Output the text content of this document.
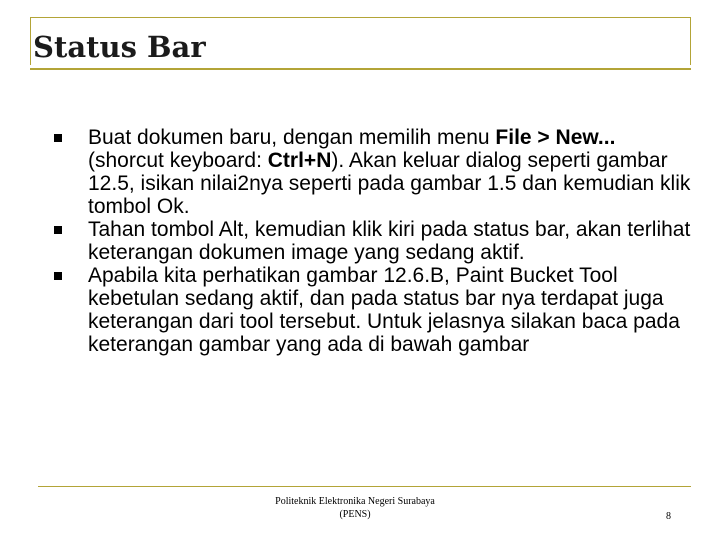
Status Bar
Buat dokumen baru, dengan memilih menu File > New... (shorcut keyboard: Ctrl+N). Akan keluar dialog seperti gambar 12.5, isikan nilai2nya seperti pada gambar 1.5 dan kemudian klik tombol Ok.
Tahan tombol Alt, kemudian klik kiri pada status bar, akan terlihat keterangan dokumen image yang sedang aktif.
Apabila kita perhatikan gambar 12.6.B, Paint Bucket Tool kebetulan sedang aktif, dan pada status bar nya terdapat juga keterangan dari tool tersebut. Untuk jelasnya silakan baca pada keterangan gambar yang ada di bawah gambar
Politeknik Elektronika Negeri Surabaya
(PENS)	8
